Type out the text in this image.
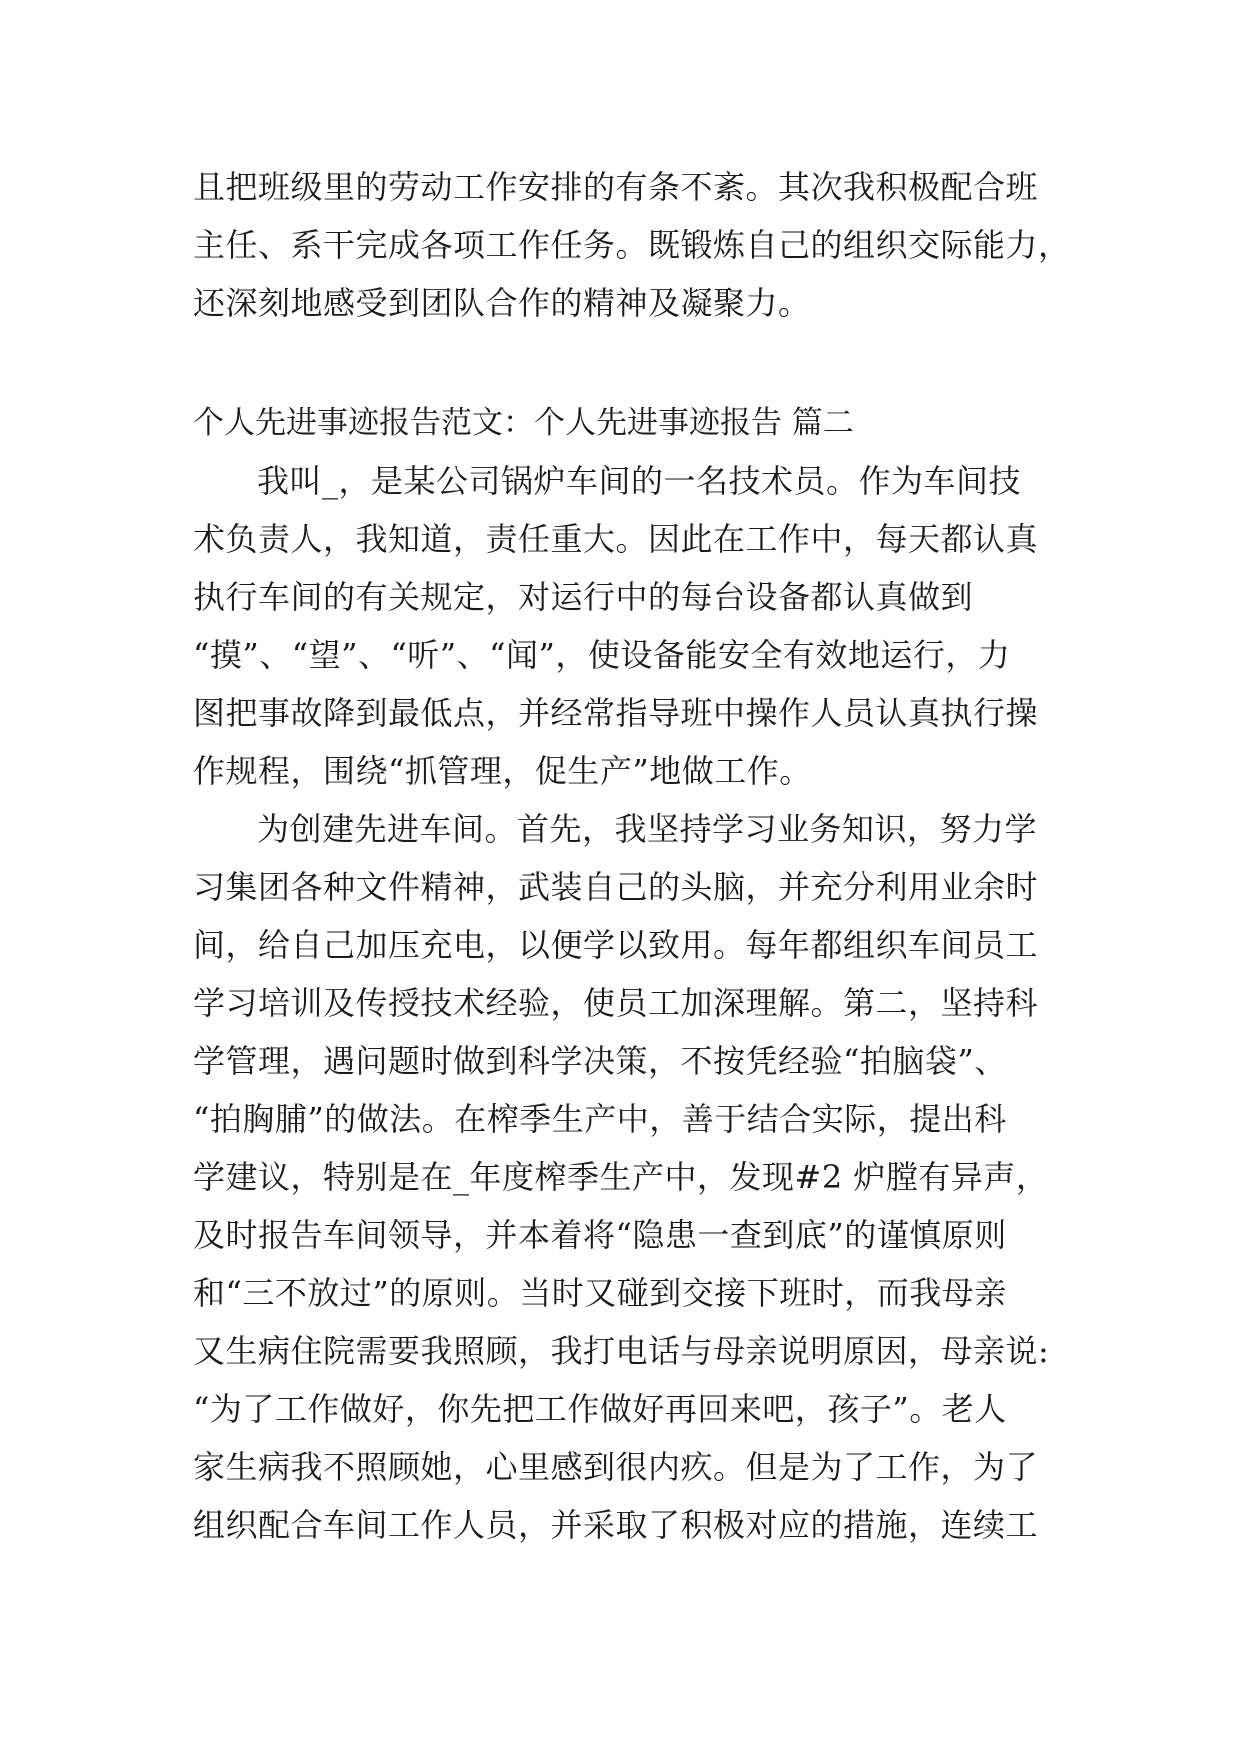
且把班级里的劳动工作安排的有条不紊。其次我积极配合班
主任、系干完成各项工作任务。既锻炼自己的组织交际能力，
还深刻地感受到团队合作的精神及凝聚力。
个人先进事迹报告范文：个人先进事迹报告 篇二
我叫_，是某公司锅炉车间的一名技术员。作为车间技
术负责人，我知道，责任重大。因此在工作中，每天都认真
执行车间的有关规定，对运行中的每台设备都认真做到
“摸”、“望”、“听”、“闻”，使设备能安全有效地运行，力
图把事故降到最低点，并经常指导班中操作人员认真执行操
作规程，围绕“抓管理，促生产”地做工作。
为创建先进车间。首先，我坚持学习业务知识，努力学
习集团各种文件精神，武装自己的头脑，并充分利用业余时
间，给自己加压充电，以便学以致用。每年都组织车间员工
学习培训及传授技术经验，使员工加深理解。第二，坚持科
学管理，遇问题时做到科学决策，不按凭经验“拍脑袋”、
“拍胸脯”的做法。在榨季生产中，善于结合实际，提出科
学建议，特别是在_年度榨季生产中，发现#2 炉膛有异声，
及时报告车间领导，并本着将“隐患一查到底”的谨慎原则
和“三不放过”的原则。当时又碰到交接下班时，而我母亲
又生病住院需要我照顾，我打电话与母亲说明原因，母亲说:
“为了工作做好，你先把工作做好再回来吧，孩子”。老人
家生病我不照顾她，心里感到很内疚。但是为了工作，为了
组织配合车间工作人员，并采取了积极对应的措施，连续工
